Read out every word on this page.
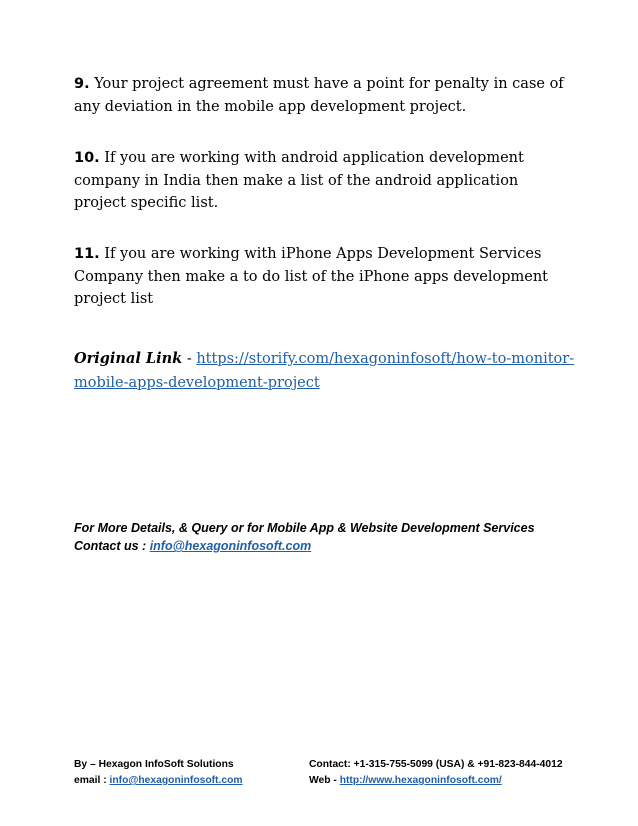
9. Your project agreement must have a point for penalty in case of any deviation in the mobile app development project.
10. If you are working with android application development company in India then make a list of the android application project specific list.
11. If you are working with iPhone Apps Development Services Company then make a to do list of the iPhone apps development project list
Original Link - https://storify.com/hexagoninfosoft/how-to-monitor-mobile-apps-development-project
For More Details, & Query or for Mobile App & Website Development Services
Contact us : info@hexagoninfosoft.com
By – Hexagon InfoSoft Solutions	Contact: +1-315-755-5099 (USA) & +91-823-844-4012
email : info@hexagoninfosoft.com	Web - http://www.hexagoninfosoft.com/
